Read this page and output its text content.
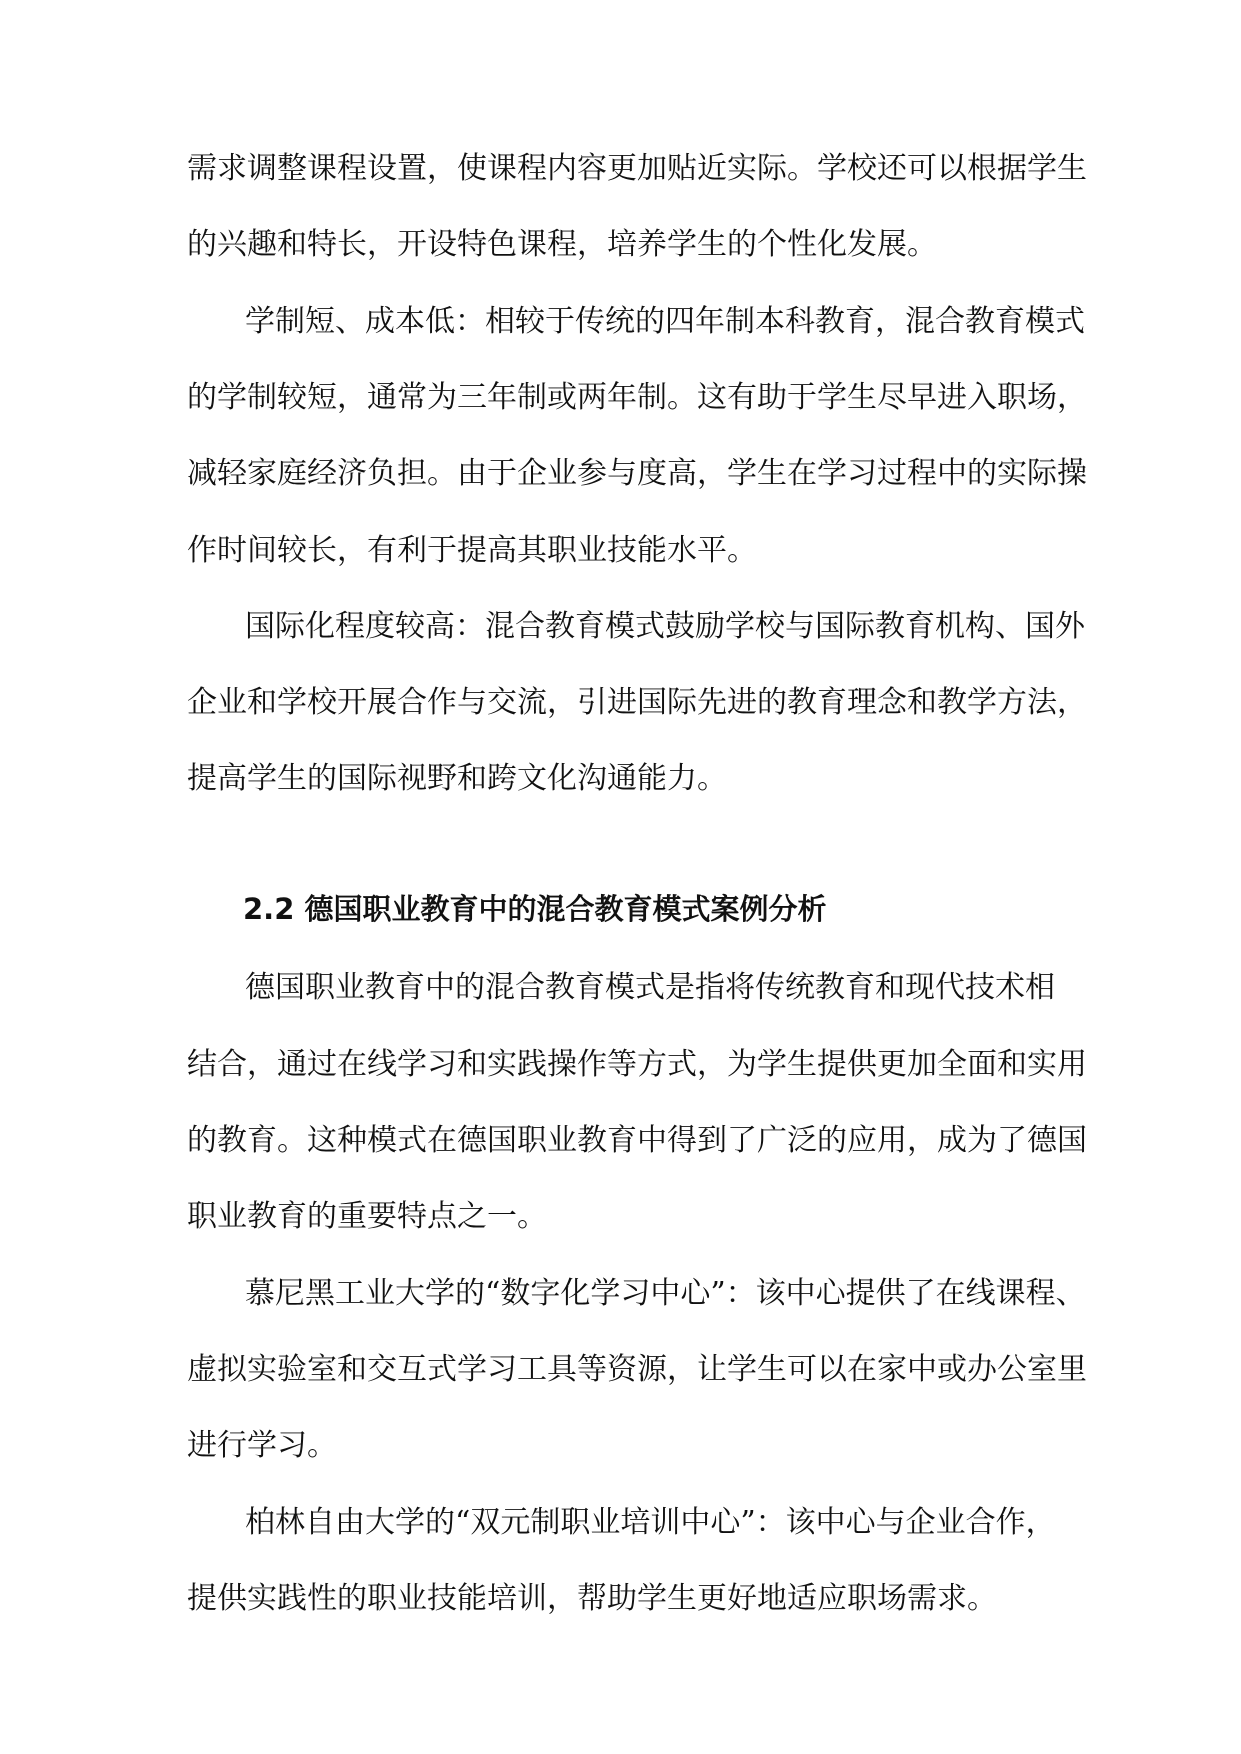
需求调整课程设置，使课程内容更加贴近实际。学校还可以根据学生
的兴趣和特长，开设特色课程，培养学生的个性化发展。
学制短、成本低：相较于传统的四年制本科教育，混合教育模式
的学制较短，通常为三年制或两年制。这有助于学生尽早进入职场，
减轻家庭经济负担。由于企业参与度高，学生在学习过程中的实际操
作时间较长，有利于提高其职业技能水平。
国际化程度较高：混合教育模式鼓励学校与国际教育机构、国外
企业和学校开展合作与交流，引进国际先进的教育理念和教学方法，
提高学生的国际视野和跨文化沟通能力。
2.2 德国职业教育中的混合教育模式案例分析
德国职业教育中的混合教育模式是指将传统教育和现代技术相
结合，通过在线学习和实践操作等方式，为学生提供更加全面和实用
的教育。这种模式在德国职业教育中得到了广泛的应用，成为了德国
职业教育的重要特点之一。
慕尼黑工业大学的“数字化学习中心”：该中心提供了在线课程、
虚拟实验室和交互式学习工具等资源，让学生可以在家中或办公室里
进行学习。
柏林自由大学的“双元制职业培训中心”：该中心与企业合作，
提供实践性的职业技能培训，帮助学生更好地适应职场需求。
